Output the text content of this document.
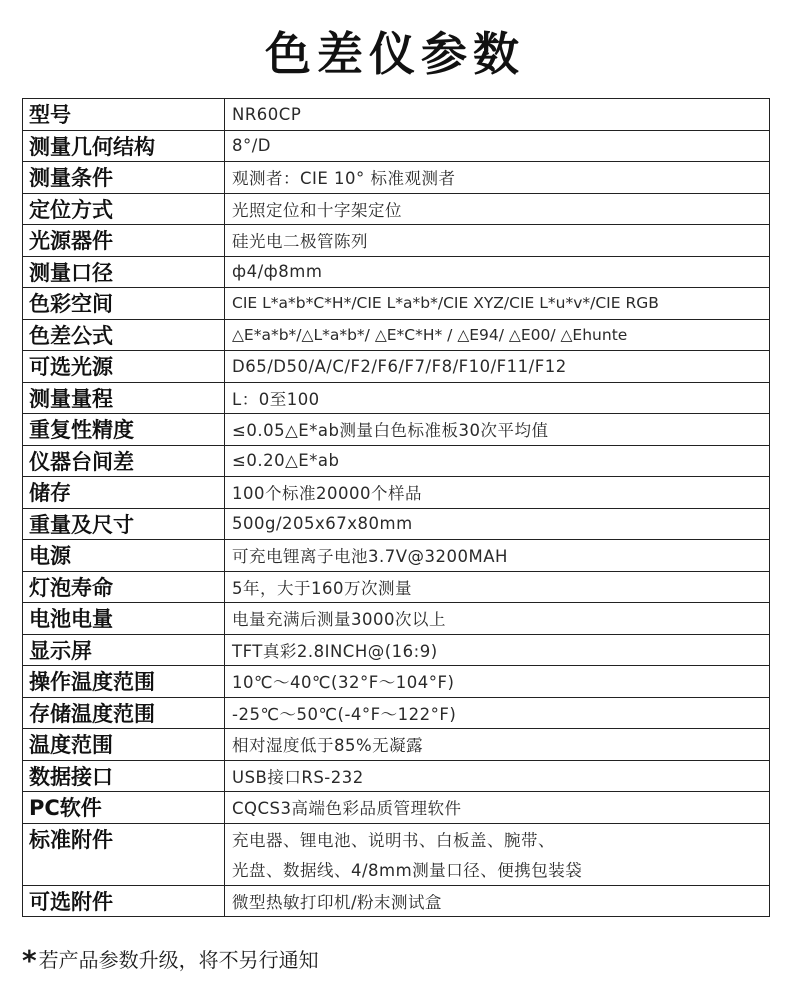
色差仪参数
型号	NR60CP
测量几何结构	8°/D
测量条件	观测者：CIE 10° 标准观测者
定位方式	光照定位和十字架定位
光源器件	硅光电二极管陈列
测量口径	ф4/ф8mm
色彩空间	CIE L*a*b*C*H*/CIE L*a*b*/CIE XYZ/CIE L*u*v*/CIE RGB
色差公式	△E*a*b*/△L*a*b*/ △E*C*H* / △E94/ △E00/ △Ehunte
可选光源	D65/D50/A/C/F2/F6/F7/F8/F10/F11/F12
测量量程	L：0至100
重复性精度	≤0.05△E*ab测量白色标准板30次平均值
仪器台间差	≤0.20△E*ab
储存	100个标准20000个样品
重量及尺寸	500g/205x67x80mm
电源	可充电锂离子电池3.7V@3200MAH
灯泡寿命	5年，大于160万次测量
电池电量	电量充满后测量3000次以上
显示屏	TFT真彩2.8INCH@(16:9)
操作温度范围	10℃～40℃(32°F～104°F)
存储温度范围	-25℃～50℃(-4°F～122°F)
温度范围	相对湿度低于85%无凝露
数据接口	USB接口RS-232
PC软件	CQCS3高端色彩品质管理软件
标准附件	充电器、锂电池、说明书、白板盖、腕带、
	光盘、数据线、4/8mm测量口径、便携包装袋
可选附件	微型热敏打印机/粉末测试盒
* 若产品参数升级，将不另行通知
